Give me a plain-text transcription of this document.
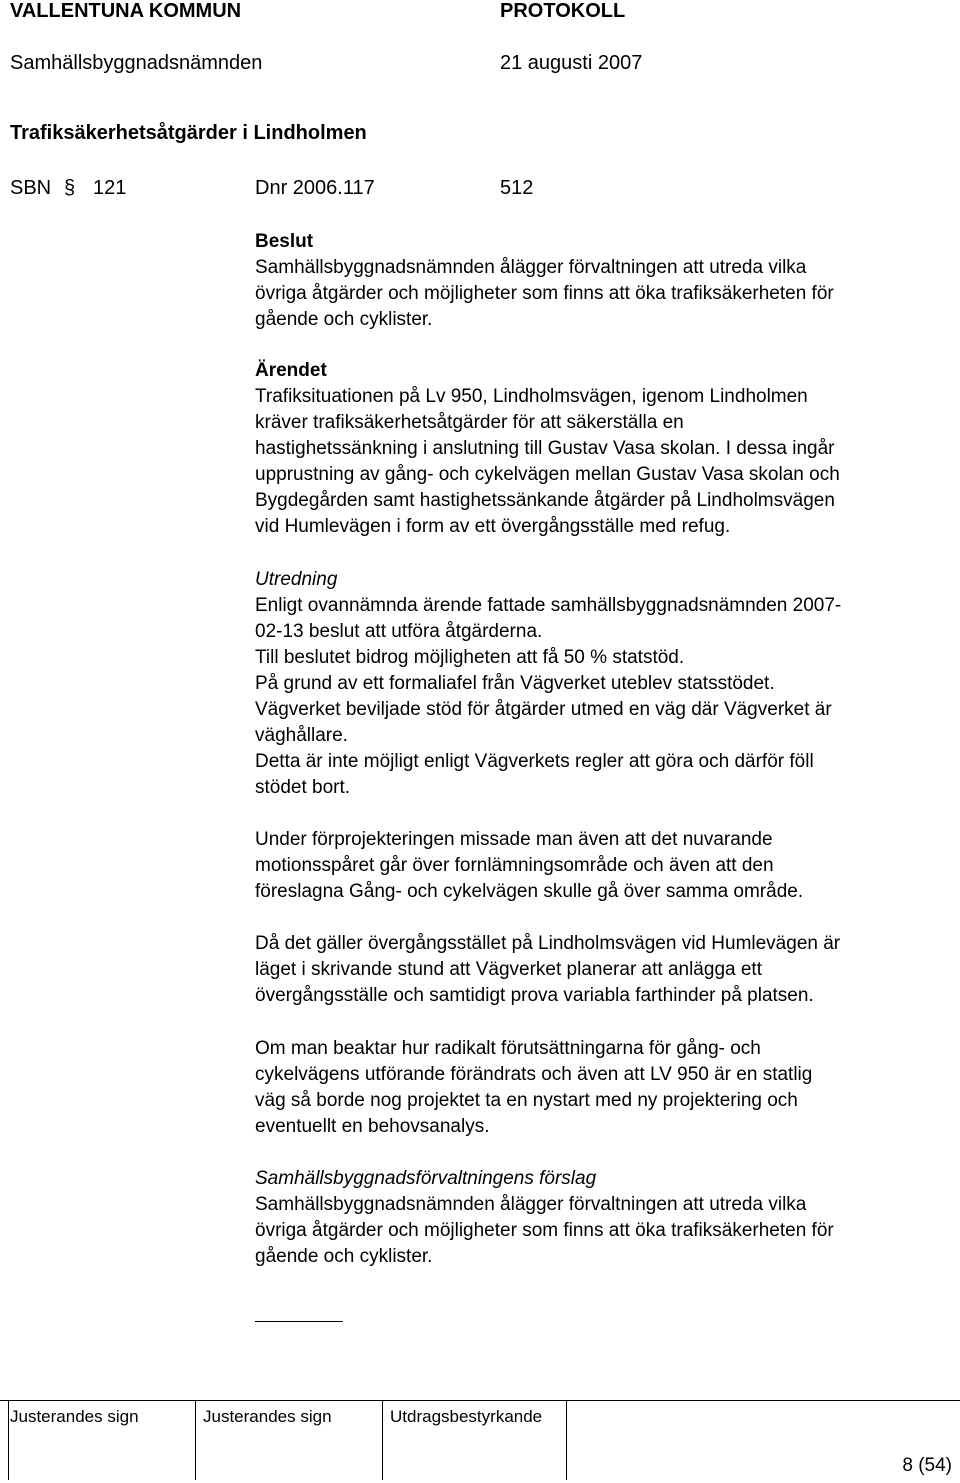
VALLENTUNA KOMMUN	PROTOKOLL
Samhällsbyggnadsnämnden	21 augusti 2007
Trafiksäkerhetsåtgärder i Lindholmen
SBN § 121	Dnr 2006.117	512
Beslut
Samhällsbyggnadsnämnden ålägger förvaltningen att utreda vilka
övriga åtgärder och möjligheter som finns att öka trafiksäkerheten för
gående och cyklister.
Ärendet
Trafiksituationen på Lv 950, Lindholmsvägen, igenom Lindholmen
kräver trafiksäkerhetsåtgärder för att säkerställa en
hastighetssänkning i anslutning till Gustav Vasa skolan. I dessa ingår
upprustning av gång- och cykelvägen mellan Gustav Vasa skolan och
Bygdegården samt hastighetssänkande åtgärder på Lindholmsvägen
vid Humlevägen i form av ett övergångsställe med refug.
Utredning
Enligt ovannämnda ärende fattade samhällsbyggnadsnämnden 2007-
02-13 beslut att utföra åtgärderna.
Till beslutet bidrog möjligheten att få 50 % statstöd.
På grund av ett formaliafel från Vägverket uteblev statsstödet.
Vägverket beviljade stöd för åtgärder utmed en väg där Vägverket är
väghållare.
Detta är inte möjligt enligt Vägverkets regler att göra och därför föll
stödet bort.
Under förprojekteringen missade man även att det nuvarande
motionsspåret går över fornlämningsområde och även att den
föreslagna Gång- och cykelvägen skulle gå över samma område.
Då det gäller övergångsstället på Lindholmsvägen vid Humlevägen är
läget i skrivande stund att Vägverket planerar att anlägga ett
övergångsställe och samtidigt prova variabla farthinder på platsen.
Om man beaktar hur radikalt förutsättningarna för gång- och
cykelvägens utförande förändrats och även att LV 950 är en statlig
väg så borde nog projektet ta en nystart med ny projektering och
eventuellt en behovsanalys.
Samhällsbyggnadsförvaltningens förslag
Samhällsbyggnadsnämnden ålägger förvaltningen att utreda vilka
övriga åtgärder och möjligheter som finns att öka trafiksäkerheten för
gående och cyklister.
Justerandes sign	Justerandes sign	Utdragsbestyrkande
8 (54)
